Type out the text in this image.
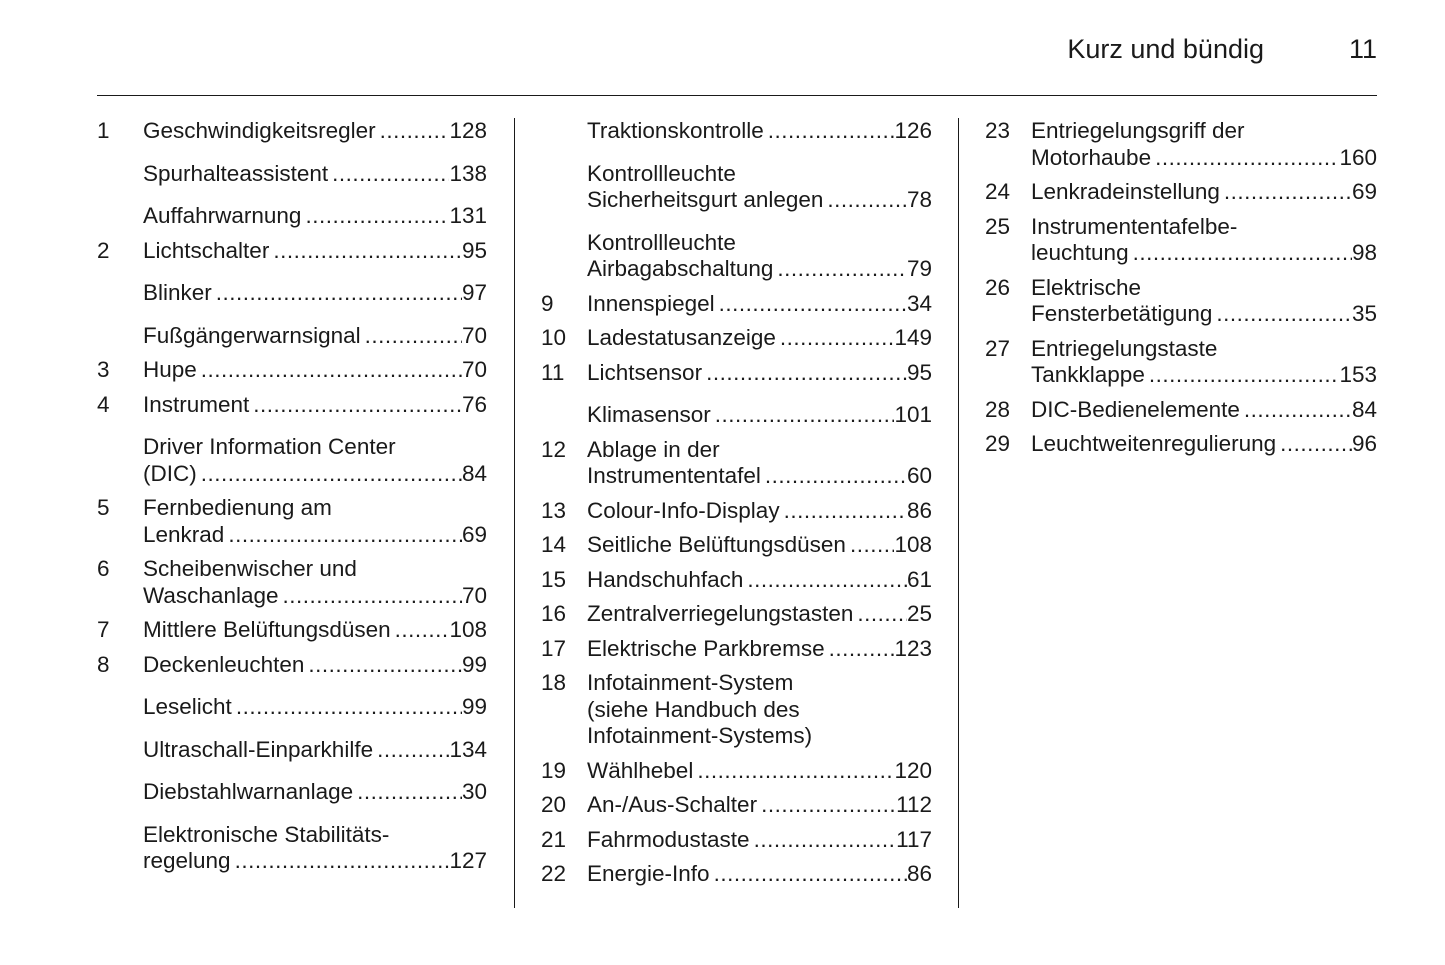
Kurz und bündig	11
1 Geschwindigkeitsregler .....	128
Spurhalteassistent .....	138
Auffahrwarnung .....	131
2 Lichtschalter .....	95
Blinker .....	97
Fußgängerwarnsignal .....	70
3 Hupe .....	70
4 Instrument .....	76
Driver Information Center
(DIC) .....	84
5 Fernbedienung am
Lenkrad .....	69
6 Scheibenwischer und
Waschanlage .....	70
7 Mittlere Belüftungsdüsen .....	108
8 Deckenleuchten .....	99
Leselicht .....	99
Ultraschall-Einparkhilfe .....	134
Diebstahlwarnanlage .....	30
Elektronische Stabilitäts-
regelung .....	127
Traktionskontrolle .....	126
Kontrollleuchte
Sicherheitsgurt anlegen .....	78
Kontrollleuchte
Airbagabschaltung .....	79
9 Innenspiegel .....	34
10 Ladestatusanzeige .....	149
11 Lichtsensor .....	95
Klimasensor .....	101
12 Ablage in der
Instrumententafel .....	60
13 Colour-Info-Display .....	86
14 Seitliche Belüftungsdüsen ..... 108
15 Handschuhfach .....	61
16 Zentralverriegelungstasten ..... 25
17 Elektrische Parkbremse .....	123
18 Infotainment-System
(siehe Handbuch des
Infotainment-Systems)
19 Wählhebel .....	120
20 An-/Aus-Schalter .....	112
21 Fahrmodustaste .....	117
22 Energie-Info .....	86
23 Entriegelungsgriff der
Motorhaube .....	160
24 Lenkradeinstellung .....	69
25 Instrumententafelbe-
leuchtung .....	98
26 Elektrische
Fensterbetätigung .....	35
27 Entriegelungstaste
Tankklappe .....	153
28 DIC-Bedienelemente .....	84
29 Leuchtweitenregulierung .....	96
